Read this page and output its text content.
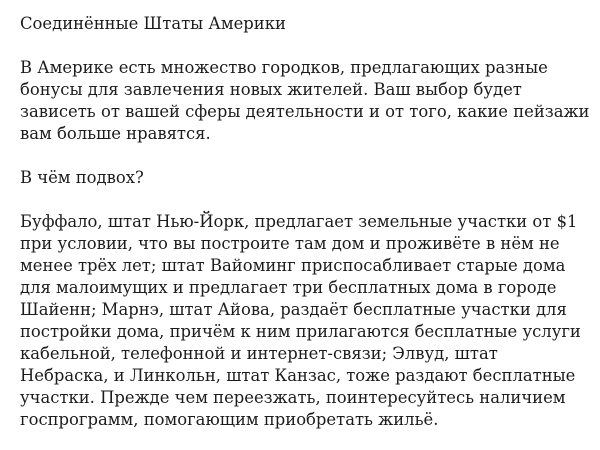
Соединённые Штаты Америки

В Америке есть множество городков, предлагающих разные бонусы для завлечения новых жителей. Ваш выбор будет зависеть от вашей сферы деятельности и от того, какие пейзажи вам больше нравятся.

В чём подвох?

Буффало, штат Нью-Йорк, предлагает земельные участки от $1 при условии, что вы построите там дом и проживёте в нём не менее трёх лет; штат Вайоминг приспосабливает старые дома для малоимущих и предлагает три бесплатных дома в городе Шайенн; Марнэ, штат Айова, раздаёт бесплатные участки для постройки дома, причём к ним прилагаются бесплатные услуги кабельной, телефонной и интернет-связи; Элвуд, штат Небраска, и Линкольн, штат Канзас, тоже раздают бесплатные участки. Прежде чем переезжать, поинтересуйтесь наличием госпрограмм, помогающим приобретать жильё.
